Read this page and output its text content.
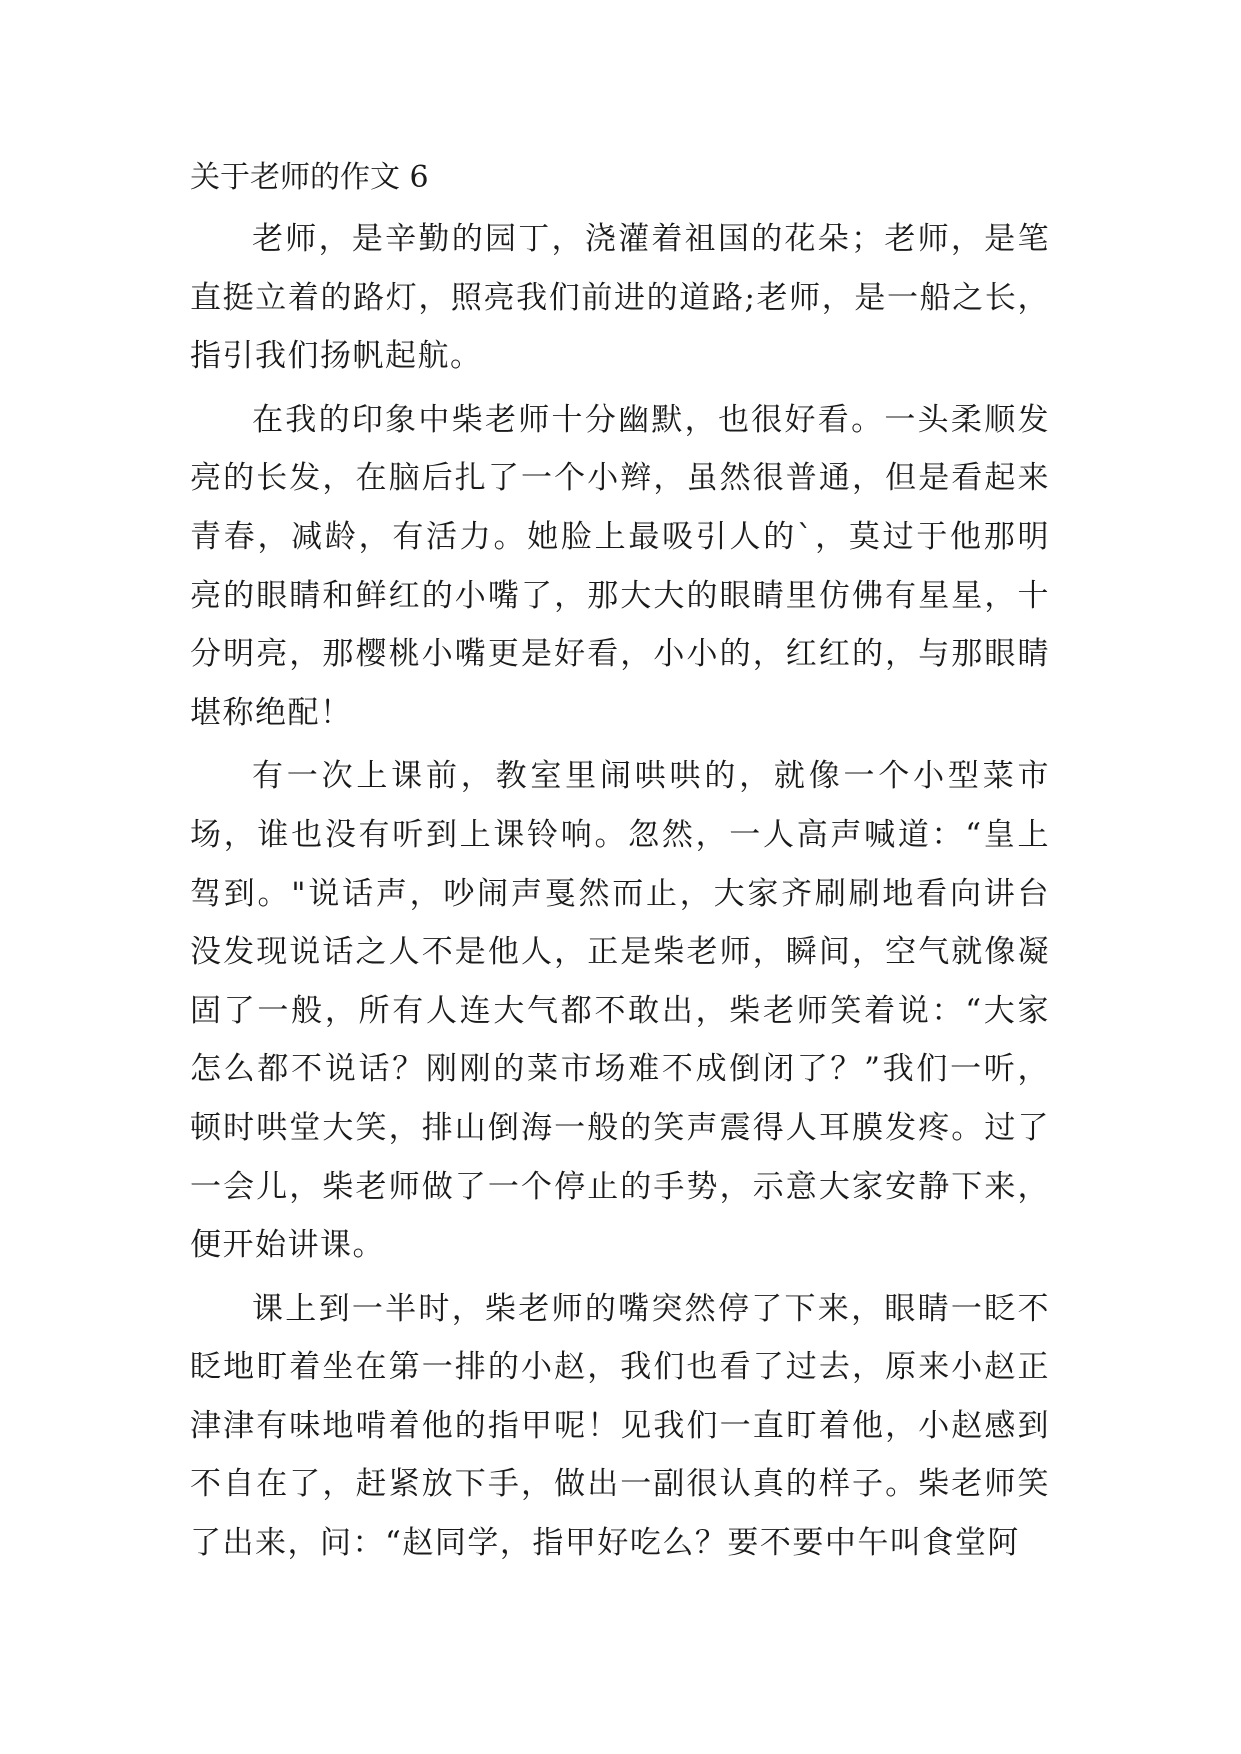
关于老师的作文 6

老师，是辛勤的园丁，浇灌着祖国的花朵；老师，是笔直挺立着的路灯，照亮我们前进的道路;老师，是一船之长，指引我们扬帆起航。

在我的印象中柴老师十分幽默，也很好看。一头柔顺发亮的长发，在脑后扎了一个小辫，虽然很普通，但是看起来青春，减龄，有活力。她脸上最吸引人的`，莫过于他那明亮的眼睛和鲜红的小嘴了，那大大的眼睛里仿佛有星星，十分明亮，那樱桃小嘴更是好看，小小的，红红的，与那眼睛堪称绝配！

有一次上课前，教室里闹哄哄的，就像一个小型菜市场，谁也没有听到上课铃响。忽然，一人高声喊道：“皇上驾到。"说话声，吵闹声戛然而止，大家齐刷刷地看向讲台没发现说话之人不是他人，正是柴老师，瞬间，空气就像凝固了一般，所有人连大气都不敢出，柴老师笑着说：“大家怎么都不说话？刚刚的菜市场难不成倒闭了？”我们一听，顿时哄堂大笑，排山倒海一般的笑声震得人耳膜发疼。过了一会儿，柴老师做了一个停止的手势，示意大家安静下来，便开始讲课。

课上到一半时，柴老师的嘴突然停了下来，眼睛一眨不眨地盯着坐在第一排的小赵，我们也看了过去，原来小赵正津津有味地啃着他的指甲呢！见我们一直盯着他，小赵感到不自在了，赶紧放下手，做出一副很认真的样子。柴老师笑了出来，问：“赵同学，指甲好吃么？要不要中午叫食堂阿
